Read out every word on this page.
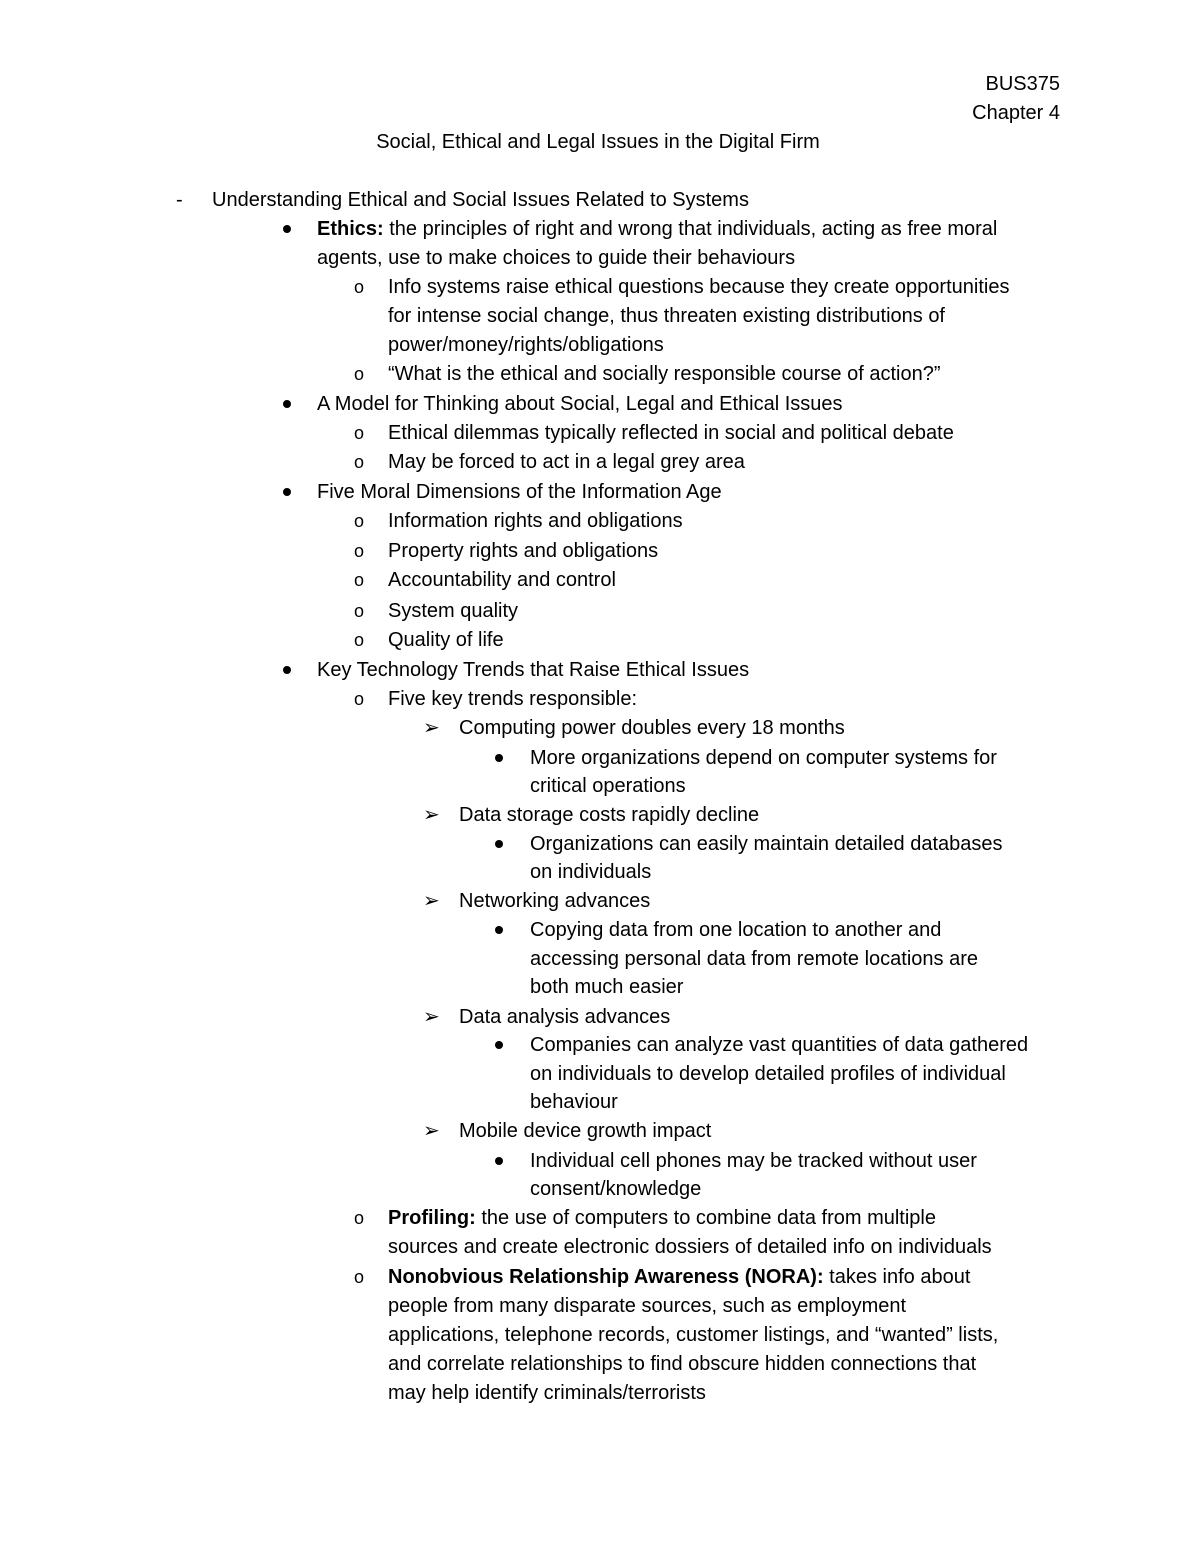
BUS375
Chapter 4
Social, Ethical and Legal Issues in the Digital Firm
- Understanding Ethical and Social Issues Related to Systems
Ethics: the principles of right and wrong that individuals, acting as free moral
agents, use to make choices to guide their behaviours
o Info systems raise ethical questions because they create opportunities
for intense social change, thus threaten existing distributions of
power/money/rights/obligations
o “What is the ethical and socially responsible course of action?”
A Model for Thinking about Social, Legal and Ethical Issues
o Ethical dilemmas typically reflected in social and political debate
o May be forced to act in a legal grey area
Five Moral Dimensions of the Information Age
o Information rights and obligations
o Property rights and obligations
o Accountability and control
o System quality
o Quality of life
Key Technology Trends that Raise Ethical Issues
o Five key trends responsible:
➢ Computing power doubles every 18 months
More organizations depend on computer systems for
critical operations
➢ Data storage costs rapidly decline
Organizations can easily maintain detailed databases
on individuals
➢ Networking advances
Copying data from one location to another and
accessing personal data from remote locations are
both much easier
➢ Data analysis advances
Companies can analyze vast quantities of data gathered
on individuals to develop detailed profiles of individual
behaviour
➢ Mobile device growth impact
Individual cell phones may be tracked without user
consent/knowledge
o Profiling: the use of computers to combine data from multiple
sources and create electronic dossiers of detailed info on individuals
o Nonobvious Relationship Awareness (NORA): takes info about
people from many disparate sources, such as employment
applications, telephone records, customer listings, and “wanted” lists,
and correlate relationships to find obscure hidden connections that
may help identify criminals/terrorists
